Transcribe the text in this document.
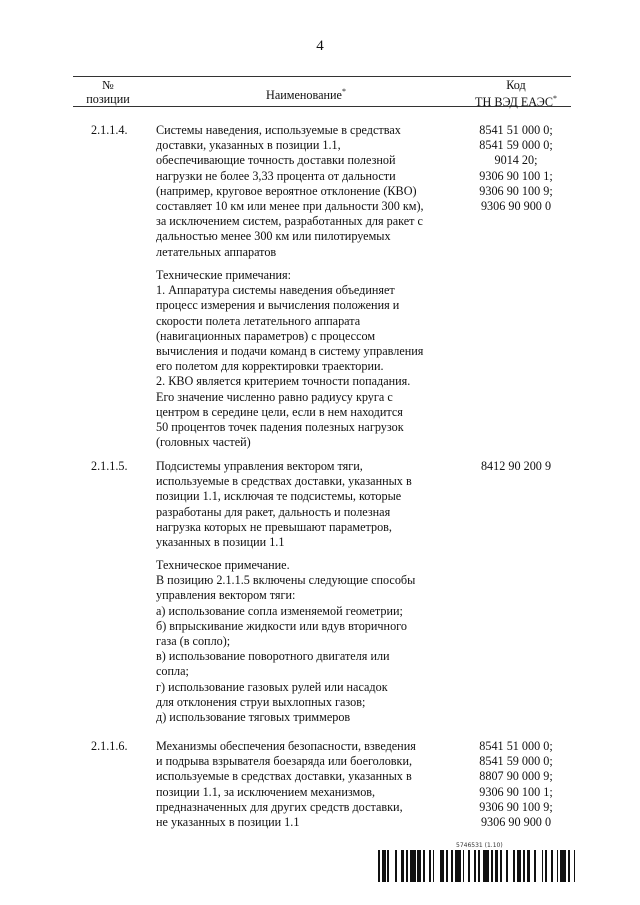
4
№
позиции	Наименование*	Код
ТН ВЭД ЕАЭС*
2.1.1.4. Системы наведения, используемые в средствах
доставки, указанных в позиции 1.1,
обеспечивающие точность доставки полезной
нагрузки не более 3,33 процента от дальности
(например, круговое вероятное отклонение (КВО)
составляет 10 км или менее при дальности 300 км),
за исключением систем, разработанных для ракет с
дальностью менее 300 км или пилотируемых
летательных аппаратов
Технические примечания:
1. Аппаратура системы наведения объединяет
процесс измерения и вычисления положения и
скорости полета летательного аппарата
(навигационных параметров) с процессом
вычисления и подачи команд в систему управления
его полетом для корректировки траектории.
2. КВО является критерием точности попадания.
Его значение численно равно радиусу круга с
центром в середине цели, если в нем находится
50 процентов точек падения полезных нагрузок
(головных частей)
8541 51 000 0;
8541 59 000 0;
9014 20;
9306 90 100 1;
9306 90 100 9;
9306 90 900 0
2.1.1.5. Подсистемы управления вектором тяги,
используемые в средствах доставки, указанных в
позиции 1.1, исключая те подсистемы, которые
разработаны для ракет, дальность и полезная
нагрузка которых не превышают параметров,
указанных в позиции 1.1
Техническое примечание.
В позицию 2.1.1.5 включены следующие способы
управления вектором тяги:
а) использование сопла изменяемой геометрии;
б) впрыскивание жидкости или вдув вторичного
газа (в сопло);
в) использование поворотного двигателя или
сопла;
г) использование газовых рулей или насадок
для отклонения струи выхлопных газов;
д) использование тяговых триммеров
8412 90 200 9
2.1.1.6. Механизмы обеспечения безопасности, взведения
и подрыва взрывателя боезаряда или боеголовки,
используемые в средствах доставки, указанных в
позиции 1.1, за исключением механизмов,
предназначенных для других средств доставки,
не указанных в позиции 1.1
8541 51 000 0;
8541 59 000 0;
8807 90 000 9;
9306 90 100 1;
9306 90 100 9;
9306 90 900 0
5746531 (1.10)
